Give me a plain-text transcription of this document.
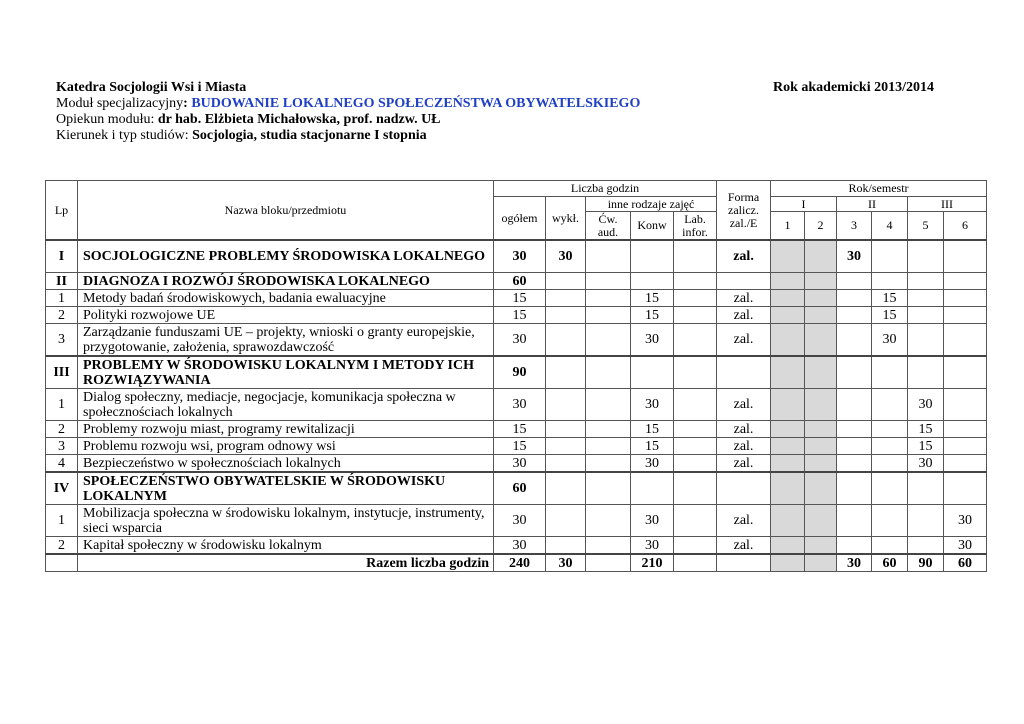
Katedra Socjologii Wsi i Miasta	Rok akademicki 2013/2014
Moduł specjalizacyjny: BUDOWANIE LOKALNEGO SPOŁECZEŃSTWA OBYWATELSKIEGO
Opiekun modułu: dr hab. Elżbieta Michałowska, prof. nadzw. UŁ
Kierunek i typ studiów: Socjologia, studia stacjonarne I stopnia
Lp	Nazwa bloku/przedmiotu	Liczba godzin					Forma zalicz. zal./E	Rok/semestr					
		ogółem	wykł.	inne rodzaje zajęć				I		II		III	
				Ćw. aud.	Konw	Lab. infor.		1	2	3	4	5	6
I	SOCJOLOGICZNE PROBLEMY ŚRODOWISKA LOKALNEGO	30	30				zal.			30			
II	DIAGNOZA I ROZWÓJ ŚRODOWISKA LOKALNEGO	60											
1	Metody badań środowiskowych, badania ewaluacyjne	15			15		zal.				15		
2	Polityki rozwojowe UE	15			15		zal.				15		
3	Zarządzanie funduszami UE – projekty, wnioski o granty europejskie, przygotowanie, założenia, sprawozdawczość	30			30		zal.				30		
III	PROBLEMY W ŚRODOWISKU LOKALNYM I METODY ICH ROZWIĄZYWANIA	90											
1	Dialog społeczny, mediacje, negocjacje, komunikacja społeczna w społecznościach lokalnych	30			30		zal.					30	
2	Problemy rozwoju miast, programy rewitalizacji	15			15		zal.					15	
3	Problemu rozwoju wsi, program odnowy wsi	15			15		zal.					15	
4	Bezpieczeństwo w społecznościach lokalnych	30			30		zal.					30	
IV	SPOŁECZEŃSTWO OBYWATELSKIE W ŚRODOWISKU LOKALNYM	60											
1	Mobilizacja społeczna w środowisku lokalnym, instytucje, instrumenty, sieci wsparcia	30			30		zal.						30
2	Kapitał społeczny w środowisku lokalnym	30			30		zal.						30
	Razem liczba godzin	240	30		210					30	60	90	60
